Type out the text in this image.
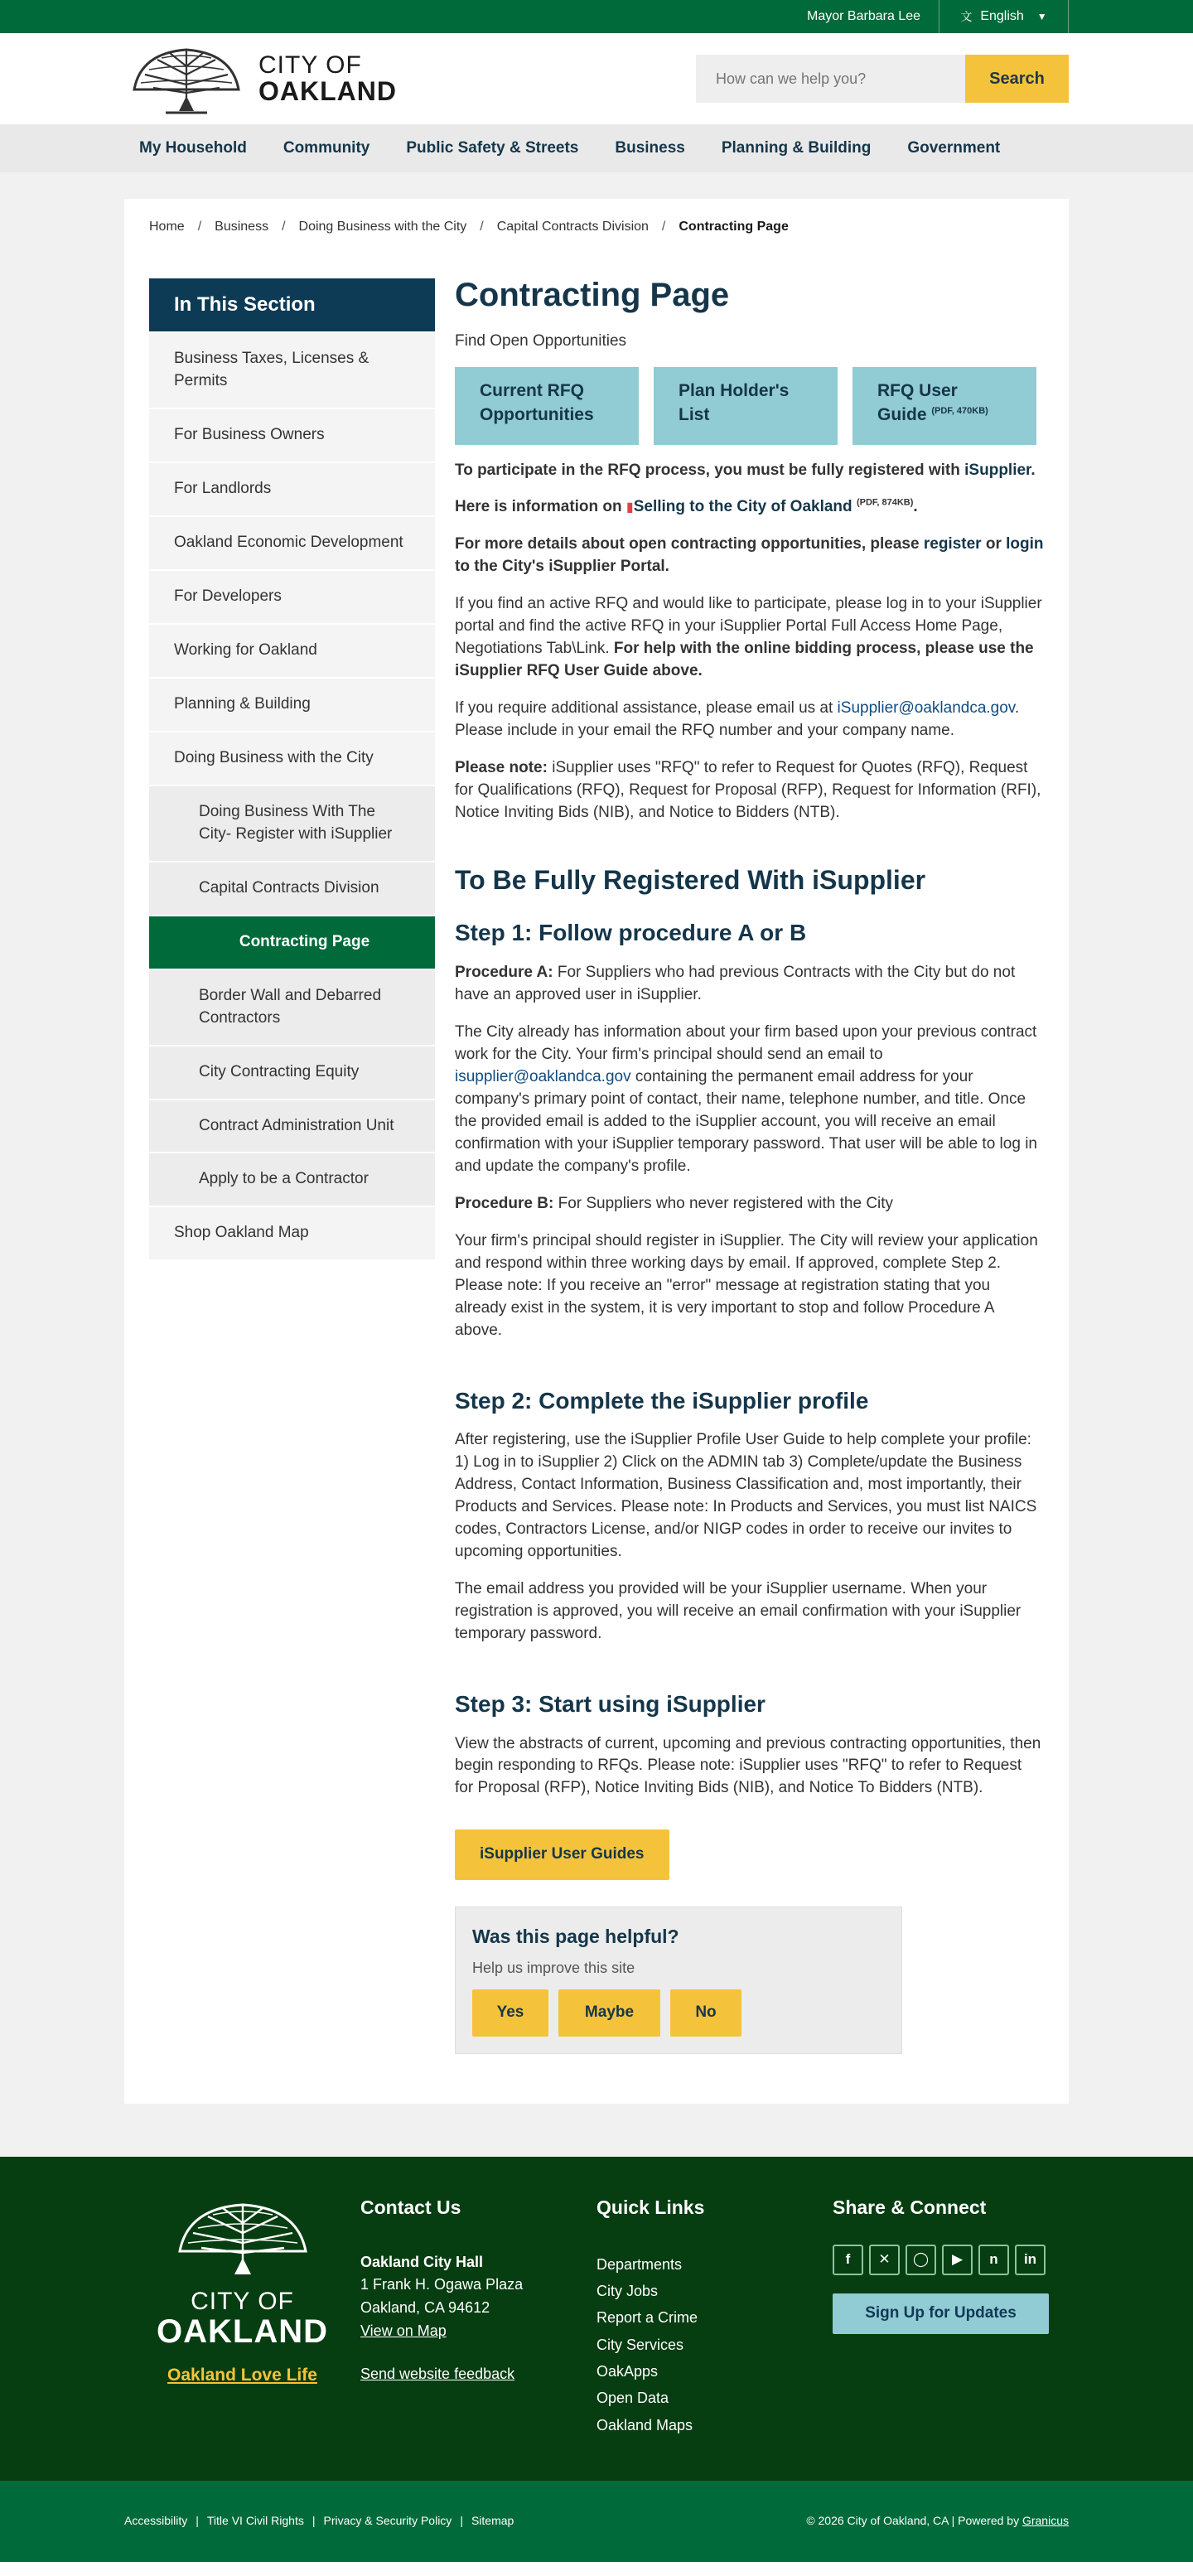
Mayor Barbara Lee	文 English ▼
CITY OF
OAKLAND
How can we help you?	Search
My Household	Community	Public Safety & Streets	Business	Planning & Building	Government
Home / Business / Doing Business with the City / Capital Contracts Division / Contracting Page
In This Section
Business Taxes, Licenses & Permits
For Business Owners
For Landlords
Oakland Economic Development
For Developers
Working for Oakland
Planning & Building
Doing Business with the City
Doing Business With The City- Register with iSupplier
Capital Contracts Division
Contracting Page
Border Wall and Debarred Contractors
City Contracting Equity
Contract Administration Unit
Apply to be a Contractor
Shop Oakland Map
Contracting Page
Find Open Opportunities
Current RFQ Opportunities
Plan Holder's List
RFQ User Guide $^{(PDF, 470KB)}$

To participate in the RFQ process, you must be fully registered with iSupplier.

Here is information on ▮Selling to the City of Oakland $^{(PDF, 874KB)}$.

For more details about open contracting opportunities, please register or login to the City's iSupplier Portal.

If you find an active RFQ and would like to participate, please log in to your iSupplier portal and find the active RFQ in your iSupplier Portal Full Access Home Page, Negotiations Tab\Link. For help with the online bidding process, please use the iSupplier RFQ User Guide above.

If you require additional assistance, please email us at iSupplier@oaklandca.gov. Please include in your email the RFQ number and your company name.

Please note: iSupplier uses "RFQ" to refer to Request for Quotes (RFQ), Request for Qualifications (RFQ), Request for Proposal (RFP), Request for Information (RFI), Notice Inviting Bids (NIB), and Notice to Bidders (NTB).

To Be Fully Registered With iSupplier
Step 1: Follow procedure A or B

Procedure A: For Suppliers who had previous Contracts with the City but do not have an approved user in iSupplier.

The City already has information about your firm based upon your previous contract work for the City. Your firm's principal should send an email to isupplier@oaklandca.gov containing the permanent email address for your company's primary point of contact, their name, telephone number, and title. Once the provided email is added to the iSupplier account, you will receive an email confirmation with your iSupplier temporary password. That user will be able to log in and update the company's profile.

Procedure B: For Suppliers who never registered with the City

Your firm's principal should register in iSupplier. The City will review your application and respond within three working days by email. If approved, complete Step 2. Please note: If you receive an "error" message at registration stating that you already exist in the system, it is very important to stop and follow Procedure A above.

Step 2: Complete the iSupplier profile

After registering, use the iSupplier Profile User Guide to help complete your profile: 1) Log in to iSupplier 2) Click on the ADMIN tab 3) Complete/update the Business Address, Contact Information, Business Classification and, most importantly, their Products and Services. Please note: In Products and Services, you must list NAICS codes, Contractors License, and/or NIGP codes in order to receive our invites to upcoming opportunities.

The email address you provided will be your iSupplier username. When your registration is approved, you will receive an email confirmation with your iSupplier temporary password.

Step 3: Start using iSupplier

View the abstracts of current, upcoming and previous contracting opportunities, then begin responding to RFQs. Please note: iSupplier uses "RFQ" to refer to Request for Proposal (RFP), Notice Inviting Bids (NIB), and Notice To Bidders (NTB).

iSupplier User Guides
Was this page helpful?
Help us improve this site
Yes	Maybe	No
CITY OF
OAKLAND
Oakland Love Life
Contact Us
Oakland City Hall
1 Frank H. Ogawa Plaza
Oakland, CA 94612
View on Map
Send website feedback
Quick Links
Departments
City Jobs
Report a Crime
City Services
OakApps
Open Data
Oakland Maps
Share & Connect
f	✕	◯	▶	n	in
Sign Up for Updates
Accessibility | Title VI Civil Rights | Privacy & Security Policy | Sitemap	© 2026 City of Oakland, CA | Powered by Granicus
